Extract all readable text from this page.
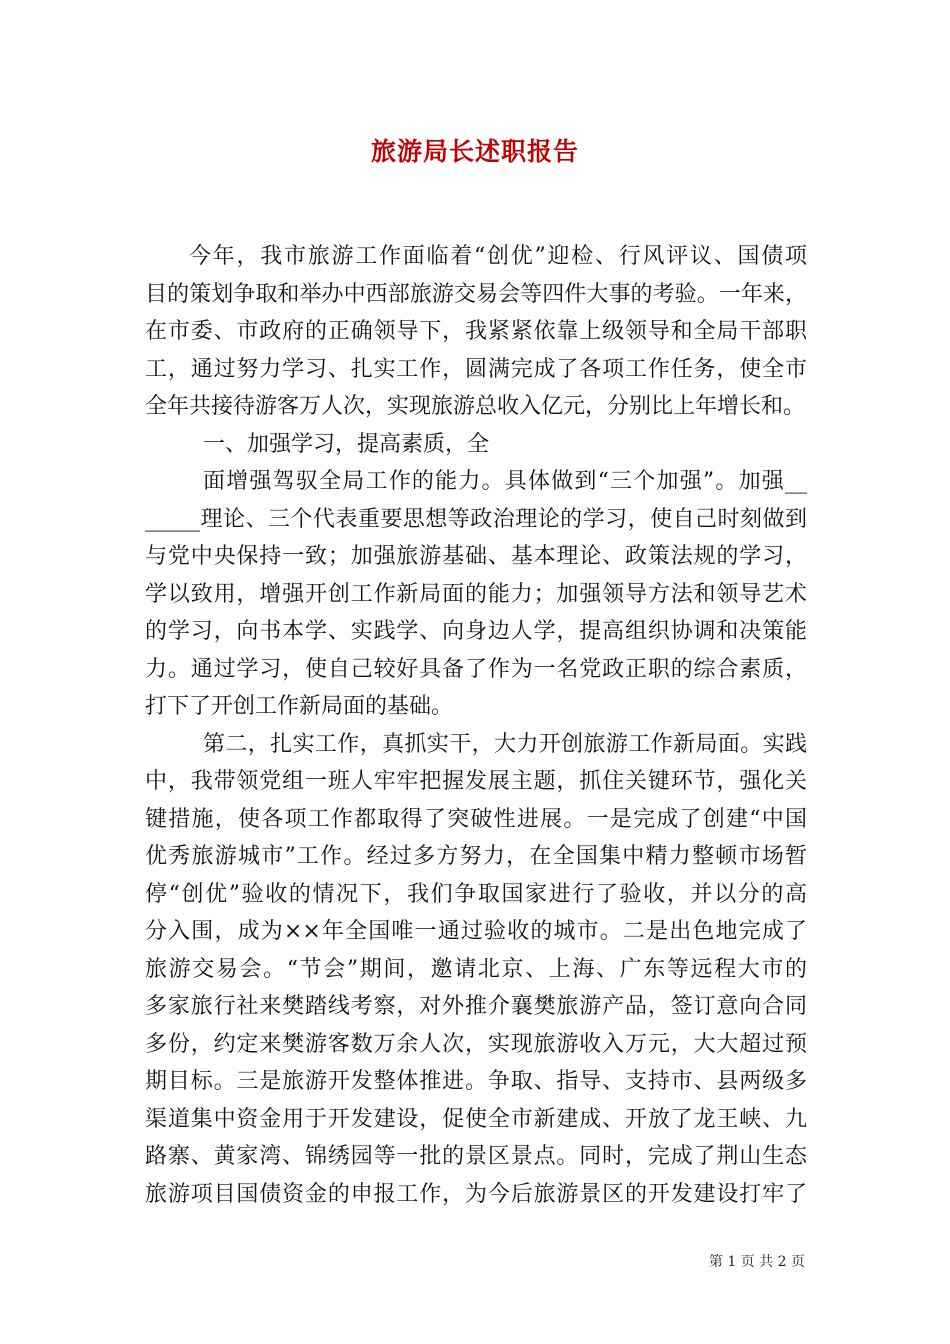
旅游局长述职报告
今年，我市旅游工作面临着“创优”迎检、行风评议、国债项
目的策划争取和举办中西部旅游交易会等四件大事的考验。一年来，
在市委、市政府的正确领导下，我紧紧依靠上级领导和全局干部职
工，通过努力学习、扎实工作，圆满完成了各项工作任务，使全市
全年共接待游客万人次，实现旅游总收入亿元，分别比上年增长和。
一、加强学习，提高素质，全
面增强驾驭全局工作的能力。具体做到“三个加强”。加强__
_____理论、三个代表重要思想等政治理论的学习，使自己时刻做到
与党中央保持一致；加强旅游基础、基本理论、政策法规的学习，
学以致用，增强开创工作新局面的能力；加强领导方法和领导艺术
的学习，向书本学、实践学、向身边人学，提高组织协调和决策能
力。通过学习，使自己较好具备了作为一名党政正职的综合素质，
打下了开创工作新局面的基础。
第二，扎实工作，真抓实干，大力开创旅游工作新局面。实践
中，我带领党组一班人牢牢把握发展主题，抓住关键环节，强化关
键措施，使各项工作都取得了突破性进展。一是完成了创建“中国
优秀旅游城市”工作。经过多方努力，在全国集中精力整顿市场暂
停“创优”验收的情况下，我们争取国家进行了验收，并以分的高
分入围，成为××年全国唯一通过验收的城市。二是出色地完成了
旅游交易会。“节会”期间，邀请北京、上海、广东等远程大市的
多家旅行社来樊踏线考察，对外推介襄樊旅游产品，签订意向合同
多份，约定来樊游客数万余人次，实现旅游收入万元，大大超过预
期目标。三是旅游开发整体推进。争取、指导、支持市、县两级多
渠道集中资金用于开发建设，促使全市新建成、开放了龙王峡、九
路寨、黄家湾、锦绣园等一批的景区景点。同时，完成了荆山生态
旅游项目国债资金的申报工作，为今后旅游景区的开发建设打牢了
第 1 页 共 2 页
